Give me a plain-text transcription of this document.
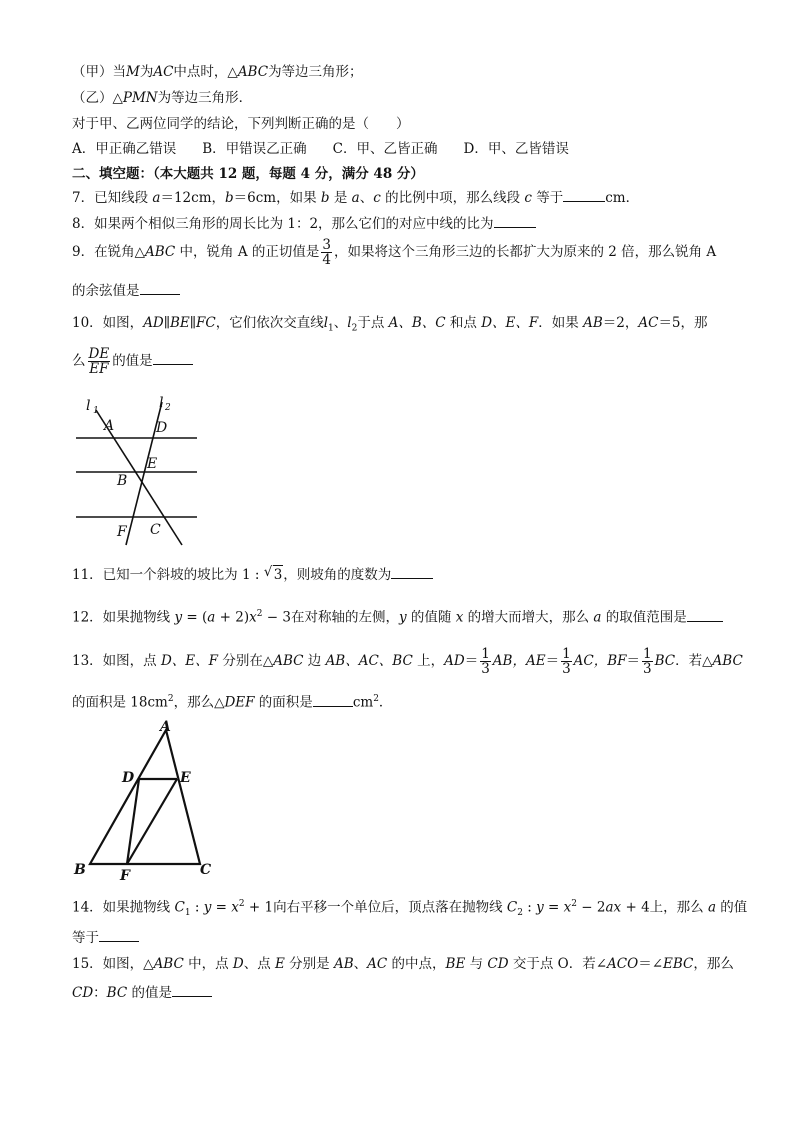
（甲）当M为AC中点时，△ABC为等边三角形；
（乙）△PMN为等边三角形．
对于甲、乙两位同学的结论，下列判断正确的是（　　）
A．甲正确乙错误 B．甲错误乙正确 C．甲、乙皆正确 D．甲、乙皆错误
二、填空题：（本大题共 12 题，每题 4 分，满分 48 分）
7．已知线段 a＝12cm，b＝6cm，如果 b 是 a、c 的比例中项，那么线段 c 等于	cm．
8．如果两个相似三角形的周长比为 1：2，那么它们的对应中线的比为
9．在锐角△ABC 中，锐角 A 的正切值是 $\frac{3}{4}$ ，如果将这个三角形三边的长都扩大为原来的 2 倍，那么锐角 A
的余弦值是
10．如图，AD∥BE∥FC，它们依次交直线$l_1$、$l_2$于点 A、B、C 和点 D、E、F．如果 AB＝2，AC＝5，那
么 $\frac{DE}{EF}$ 的值是
l 1	l 2
A	D
E
B
F C
11．已知一个斜坡的坡比为 1 : √ 3，则坡角的度数为
12．如果抛物线 $y = (a + 2)x^2 - 3$在对称轴的左侧，y 的值随 x 的增大而增大，那么 a 的取值范围是
13．如图，点 D、E、F 分别在△ABC 边 AB、AC、BC 上，$AD= \frac{1}{3}$ AB，$AE= \frac{1}{3}$ AC，$BF= \frac{1}{3}$ BC．若△ABC
的面积是 $18cm^2$，那么△DEF 的面积是	$cm^2$．
A
D	E
B F	C
14．如果抛物线 $C_1$ : $y = x^2 + 1$向右平移一个单位后，顶点落在抛物线 $C_2$ : $y = x^2 - 2ax + 4$上，那么 a 的值
等于
15．如图，△ABC 中，点 D、点 E 分别是 AB、AC 的中点，BE 与 CD 交于点 O．若∠ACO＝∠EBC，那么
CD：BC 的值是
